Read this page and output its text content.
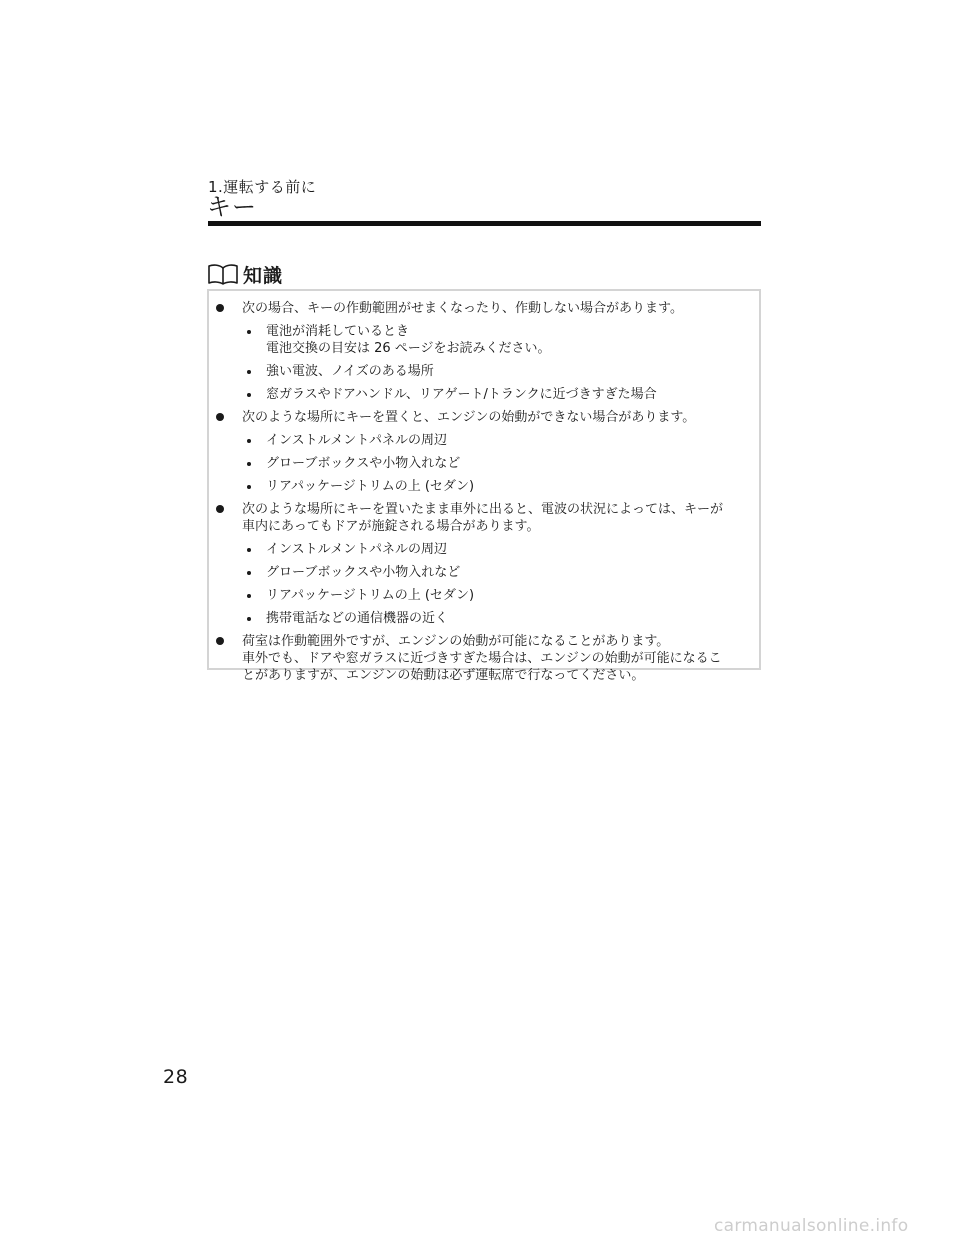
1.運転する前に
キー
知識
次の場合、キーの作動範囲がせまくなったり、作動しない場合があります。
電池が消耗しているとき
電池交換の目安は 26 ページをお読みください。
強い電波、ノイズのある場所
窓ガラスやドアハンドル、リアゲート/トランクに近づきすぎた場合
次のような場所にキーを置くと、エンジンの始動ができない場合があります。
インストルメントパネルの周辺
グローブボックスや小物入れなど
リアパッケージトリムの上 (セダン)
次のような場所にキーを置いたまま車外に出ると、電波の状況によっては、キーが
車内にあってもドアが施錠される場合があります。
インストルメントパネルの周辺
グローブボックスや小物入れなど
リアパッケージトリムの上 (セダン)
携帯電話などの通信機器の近く
荷室は作動範囲外ですが、エンジンの始動が可能になることがあります。
車外でも、ドアや窓ガラスに近づきすぎた場合は、エンジンの始動が可能になるこ
とがありますが、エンジンの始動は必ず運転席で行なってください。
28
carmanualsonline.info
